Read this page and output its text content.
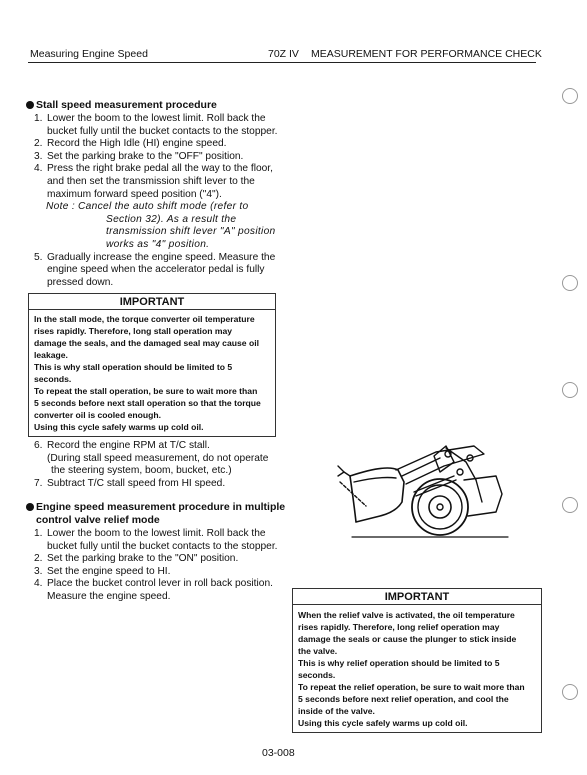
Measuring Engine Speed	70Z IV MEASUREMENT FOR PERFORMANCE CHECK
Stall speed measurement procedure
1. Lower the boom to the lowest limit. Roll back the
bucket fully until the bucket contacts to the stopper.
2. Record the High Idle (HI) engine speed.
3. Set the parking brake to the "OFF" position.
4. Press the right brake pedal all the way to the floor,
and then set the transmission shift lever to the
maximum forward speed position ("4").
Note : Cancel the auto shift mode (refer to
Section 32). As a result the
transmission shift lever "A" position
works as "4" position.
5. Gradually increase the engine speed. Measure the
engine speed when the accelerator pedal is fully
pressed down.
IMPORTANT

In the stall mode, the torque converter oil temperature

rises rapidly. Therefore, long stall operation may

damage the seals, and the damaged seal may cause oil

leakage.

This is why stall operation should be limited to 5

seconds.

To repeat the stall operation, be sure to wait more than

5 seconds before next stall operation so that the torque

converter oil is cooled enough.

Using this cycle safely warms up cold oil.

6. Record the engine RPM at T/C stall.
(During stall speed measurement, do not operate
the steering system, boom, bucket, etc.)
7. Subtract T/C stall speed from HI speed.
Engine speed measurement procedure in multiple
control valve relief mode
1. Lower the boom to the lowest limit. Roll back the
bucket fully until the bucket contacts to the stopper.
2. Set the parking brake to the "ON" position.
3. Set the engine speed to HI.
4. Place the bucket control lever in roll back position.
Measure the engine speed.	IMPORTANT

When the relief valve is activated, the oil temperature

rises rapidly. Therefore, long relief operation may

damage the seals or cause the plunger to stick inside

the valve.

This is why relief operation should be limited to 5

seconds.

To repeat the relief operation, be sure to wait more than

5 seconds before next relief operation, and cool the

inside of the valve.

Using this cycle safely warms up cold oil.

03-008
